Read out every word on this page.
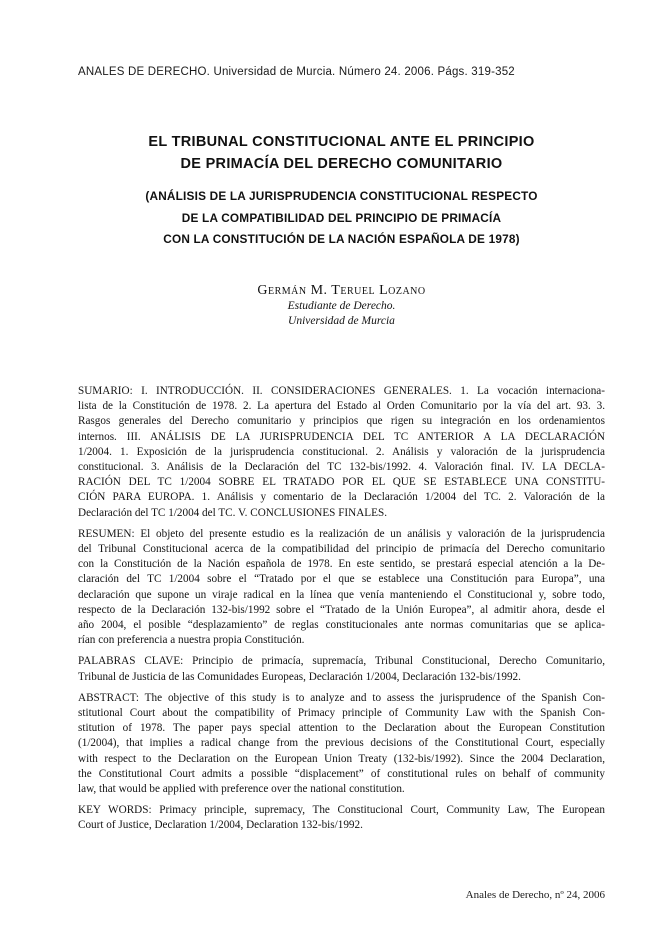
ANALES DE DERECHO. Universidad de Murcia. Número 24. 2006. Págs. 319-352
EL TRIBUNAL CONSTITUCIONAL ANTE EL PRINCIPIO
DE PRIMACÍA DEL DERECHO COMUNITARIO
(ANÁLISIS DE LA JURISPRUDENCIA CONSTITUCIONAL RESPECTO
DE LA COMPATIBILIDAD DEL PRINCIPIO DE PRIMACÍA
CON LA CONSTITUCIÓN DE LA NACIÓN ESPAÑOLA DE 1978)
Germán M. Teruel Lozano
Estudiante de Derecho.
Universidad de Murcia
SUMARIO: I. INTRODUCCIÓN. II. CONSIDERACIONES GENERALES. 1. La vocación internaciona-
lista de la Constitución de 1978. 2. La apertura del Estado al Orden Comunitario por la vía del art. 93. 3.
Rasgos generales del Derecho comunitario y principios que rigen su integración en los ordenamientos
internos. III. ANÁLISIS DE LA JURISPRUDENCIA DEL TC ANTERIOR A LA DECLARACIÓN
1/2004. 1. Exposición de la jurisprudencia constitucional. 2. Análisis y valoración de la jurisprudencia
constitucional. 3. Análisis de la Declaración del TC 132-bis/1992. 4. Valoración final. IV. LA DECLA-
RACIÓN DEL TC 1/2004 SOBRE EL TRATADO POR EL QUE SE ESTABLECE UNA CONSTITU-
CIÓN PARA EUROPA. 1. Análisis y comentario de la Declaración 1/2004 del TC. 2. Valoración de la
Declaración del TC 1/2004 del TC. V. CONCLUSIONES FINALES.
RESUMEN: El objeto del presente estudio es la realización de un análisis y valoración de la jurisprudencia
del Tribunal Constitucional acerca de la compatibilidad del principio de primacía del Derecho comunitario
con la Constitución de la Nación española de 1978. En este sentido, se prestará especial atención a la De-
claración del TC 1/2004 sobre el “Tratado por el que se establece una Constitución para Europa”, una
declaración que supone un viraje radical en la línea que venía manteniendo el Constitucional y, sobre todo,
respecto de la Declaración 132-bis/1992 sobre el “Tratado de la Unión Europea”, al admitir ahora, desde el
año 2004, el posible “desplazamiento” de reglas constitucionales ante normas comunitarias que se aplica-
rían con preferencia a nuestra propia Constitución.
PALABRAS CLAVE: Principio de primacía, supremacía, Tribunal Constitucional, Derecho Comunitario,
Tribunal de Justicia de las Comunidades Europeas, Declaración 1/2004, Declaración 132-bis/1992.
ABSTRACT: The objective of this study is to analyze and to assess the jurisprudence of the Spanish Con-
stitutional Court about the compatibility of Primacy principle of Community Law with the Spanish Con-
stitution of 1978. The paper pays special attention to the Declaration about the European Constitution
(1/2004), that implies a radical change from the previous decisions of the Constitutional Court, especially
with respect to the Declaration on the European Union Treaty (132-bis/1992). Since the 2004 Declaration,
the Constitutional Court admits a possible “displacement” of constitutional rules on behalf of community
law, that would be applied with preference over the national constitution.
KEY WORDS: Primacy principle, supremacy, The Constitucional Court, Community Law, The European
Court of Justice, Declaration 1/2004, Declaration 132-bis/1992.
Anales de Derecho, nº 24, 2006
